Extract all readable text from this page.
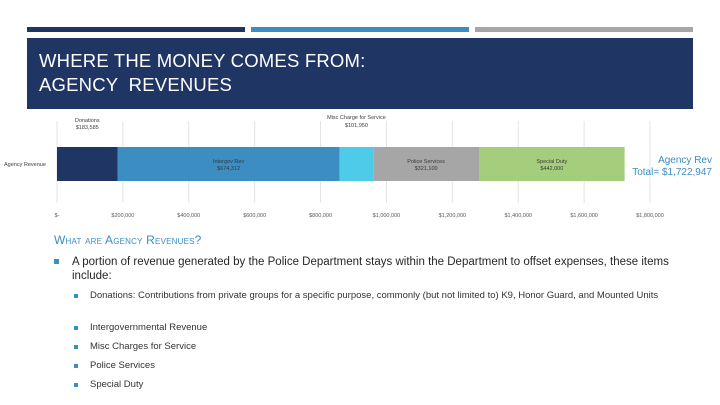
WHERE THE MONEY COMES FROM:
AGENCY  REVENUES
$-	$200,000	$400,000	$600,000	$800,000	$1,000,000	$1,200,000	$1,400,000	$1,600,000	$1,800,000
Agency Revenue
Donations
$183,585
Intergov Rev
$674,312
Misc Charge for Service
$101,950
Police Services
$321,100
Special Duty
$442,000
Agency Rev Total= $1,722,947
What are Agency Revenues?
A portion of revenue generated by the Police Department stays within the Department to offset expenses, these items include:
Donations: Contributions from private groups for a specific purpose, commonly (but not limited to) K9, Honor Guard, and Mounted Units
Intergovernmental Revenue
Misc Charges for Service
Police Services
Special Duty
